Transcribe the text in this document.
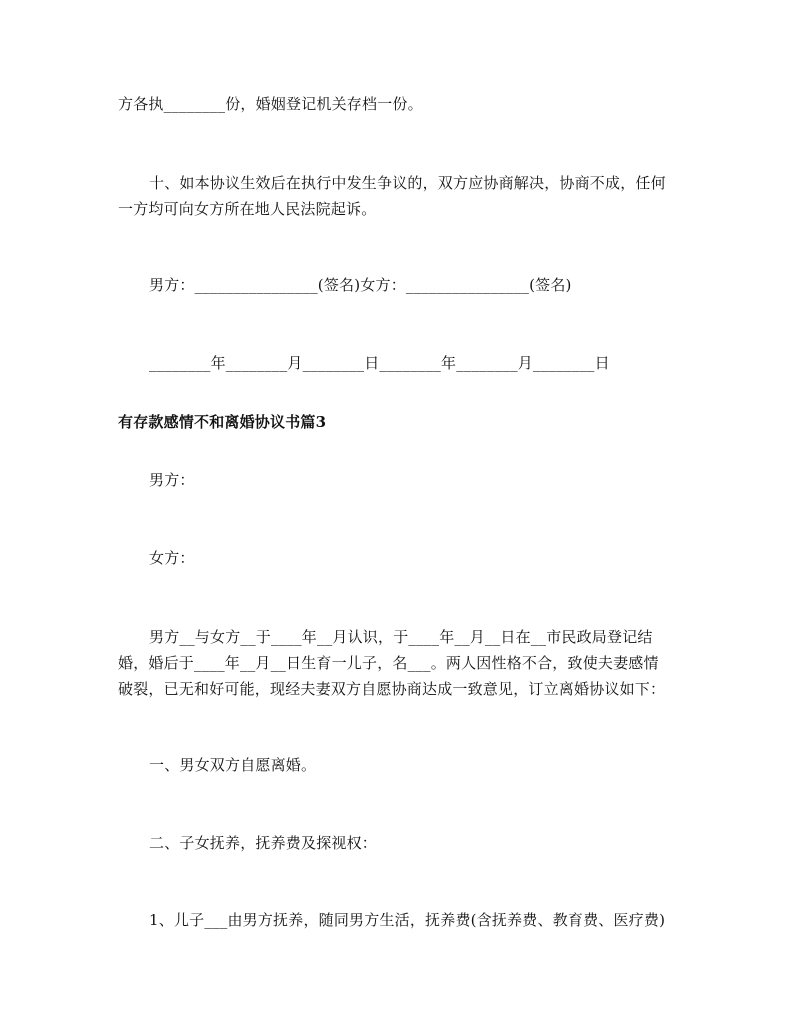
方各执________份，婚姻登记机关存档一份。
十、如本协议生效后在执行中发生争议的，双方应协商解决，协商不成，任何
一方均可向女方所在地人民法院起诉。
男方：________________(签名)女方：________________(签名)
________年________月________日________年________月________日
有存款感情不和离婚协议书篇3
男方：
女方：
男方__与女方__于____年__月认识，于____年__月__日在__市民政局登记结
婚，婚后于____年__月__日生育一儿子，名___。两人因性格不合，致使夫妻感情
破裂，已无和好可能，现经夫妻双方自愿协商达成一致意见，订立离婚协议如下：
一、男女双方自愿离婚。
二、子女抚养，抚养费及探视权：
1、儿子___由男方抚养，随同男方生活，抚养费(含抚养费、教育费、医疗费)
